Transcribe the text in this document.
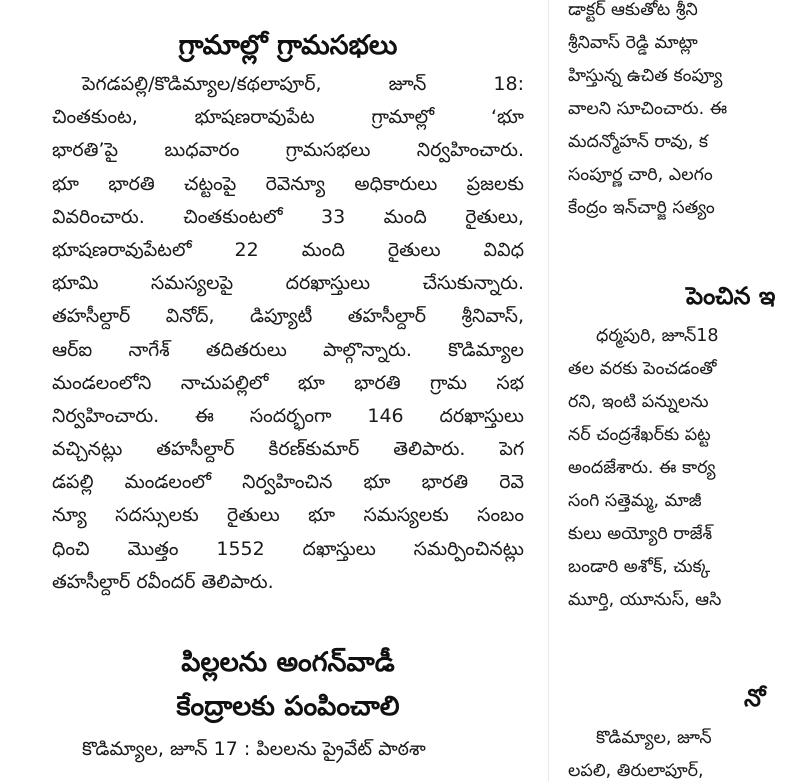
గ్రామాల్లో గ్రామసభలు
పెగడపల్లి/కొడిమ్యాల/కథలాపూర్, జూన్ 18:
చింతకుంట, భూషణరావుపేట గ్రామాల్లో ‘భూ
భారతి’పై బుధవారం గ్రామసభలు నిర్వహించారు.
భూ భారతి చట్టంపై రెవెన్యూ అధికారులు ప్రజలకు
వివరించారు. చింతకుంటలో 33 మంది రైతులు,
భూషణరావుపేటలో 22 మంది రైతులు వివిధ
భూమి సమస్యలపై దరఖాస్తులు చేసుకున్నారు.
తహసీల్దార్ వినోద్, డిప్యూటీ తహసీల్దార్ శ్రీనివాస్,
ఆర్ఐ నాగేశ్ తదితరులు పాల్గొన్నారు. కొడిమ్యాల
మండలంలోని నాచుపల్లిలో భూ భారతి గ్రామ సభ
నిర్వహించారు. ఈ సందర్భంగా 146 దరఖాస్తులు
వచ్చినట్లు తహసీల్దార్ కిరణ్‌కుమార్ తెలిపారు. పెగ
డపల్లి మండలంలో నిర్వహించిన భూ భారతి రెవె
న్యూ సదస్సులకు రైతులు భూ సమస్యలకు సంబం
ధించి మొత్తం 1552 దఖాస్తులు సమర్పించినట్లు
తహసీల్దార్ రవీందర్ తెలిపారు.
పిల్లలను అంగన్‌వాడీ
కేంద్రాలకు పంపించాలి
కొడిమ్యాల, జూన్ 17 : పిలలను ప్రైవేట్ పాఠశా
డాక్టర్ ఆకుతోట శ్రీని
శ్రీనివాస్ రెడ్డి మాట్లా
హిస్తున్న ఉచిత కంప్యూ
వాలని సూచించారు. ఈ
మదన్మోహన్ రావు, క
సంపూర్ణ చారి, ఎలగం
కేంద్రం ఇన్‌చార్జి సత్యం
పెంచిన ఇ
ధర్మపురి, జూన్18
తల వరకు పెంచడంతో
రని, ఇంటి పన్నులను
నర్ చంద్రశేఖర్‌కు పట్ట
అందజేశారు. ఈ కార్య
సంగి సత్తెమ్మ, మాజీ
కులు అయ్యోరి రాజేశ్
బండారి అశోక్, చుక్క
మూర్తి, యూనుస్, ఆసి
నో
కొడిమ్యాల, జూన్
లపలి, తిరులాపూర్,
